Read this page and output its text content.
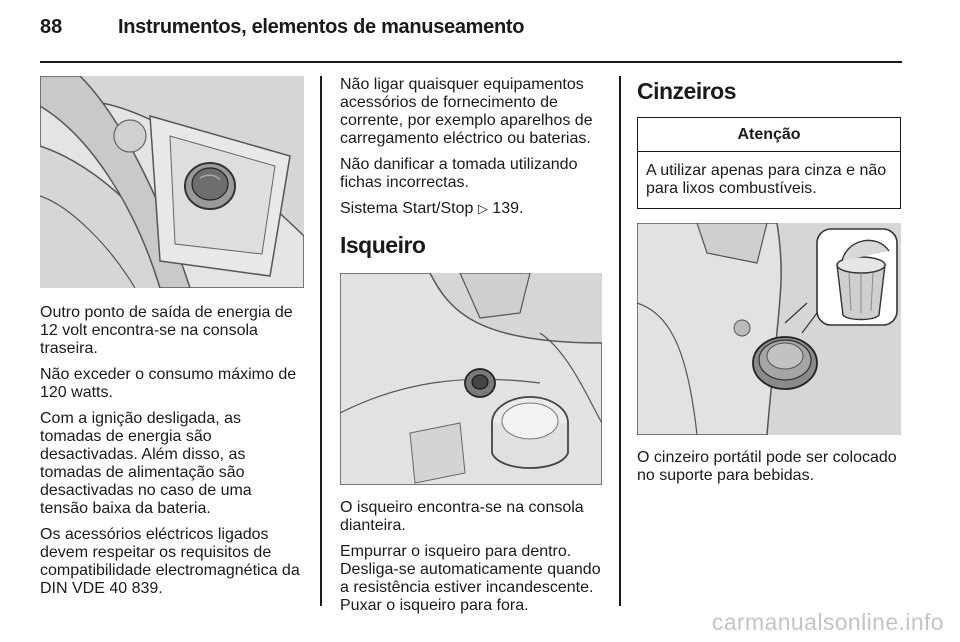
88	Instrumentos, elementos de manuseamento

Outro ponto de saída de energia de 12 volt encontra-se na consola traseira.

Não exceder o consumo máximo de 120 watts.

Com a ignição desligada, as tomadas de energia são desactivadas. Além disso, as tomadas de alimentação são desactivadas no caso de uma tensão baixa da bateria.

Os acessórios eléctricos ligados devem respeitar os requisitos de compatibilidade electromagnética da DIN VDE 40 839.

Não ligar quaisquer equipamentos acessórios de fornecimento de corrente, por exemplo aparelhos de carregamento eléctrico ou baterias.

Não danificar a tomada utilizando fichas incorrectas.

Sistema Start/Stop ▷ 139.

Isqueiro

O isqueiro encontra-se na consola dianteira.

Empurrar o isqueiro para dentro. Desliga-se automaticamente quando a resistência estiver incandescente. Puxar o isqueiro para fora.

Cinzeiros
Atenção
A utilizar apenas para cinza e não para lixos combustíveis.

O cinzeiro portátil pode ser colocado no suporte para bebidas.

carmanualsonline.info
